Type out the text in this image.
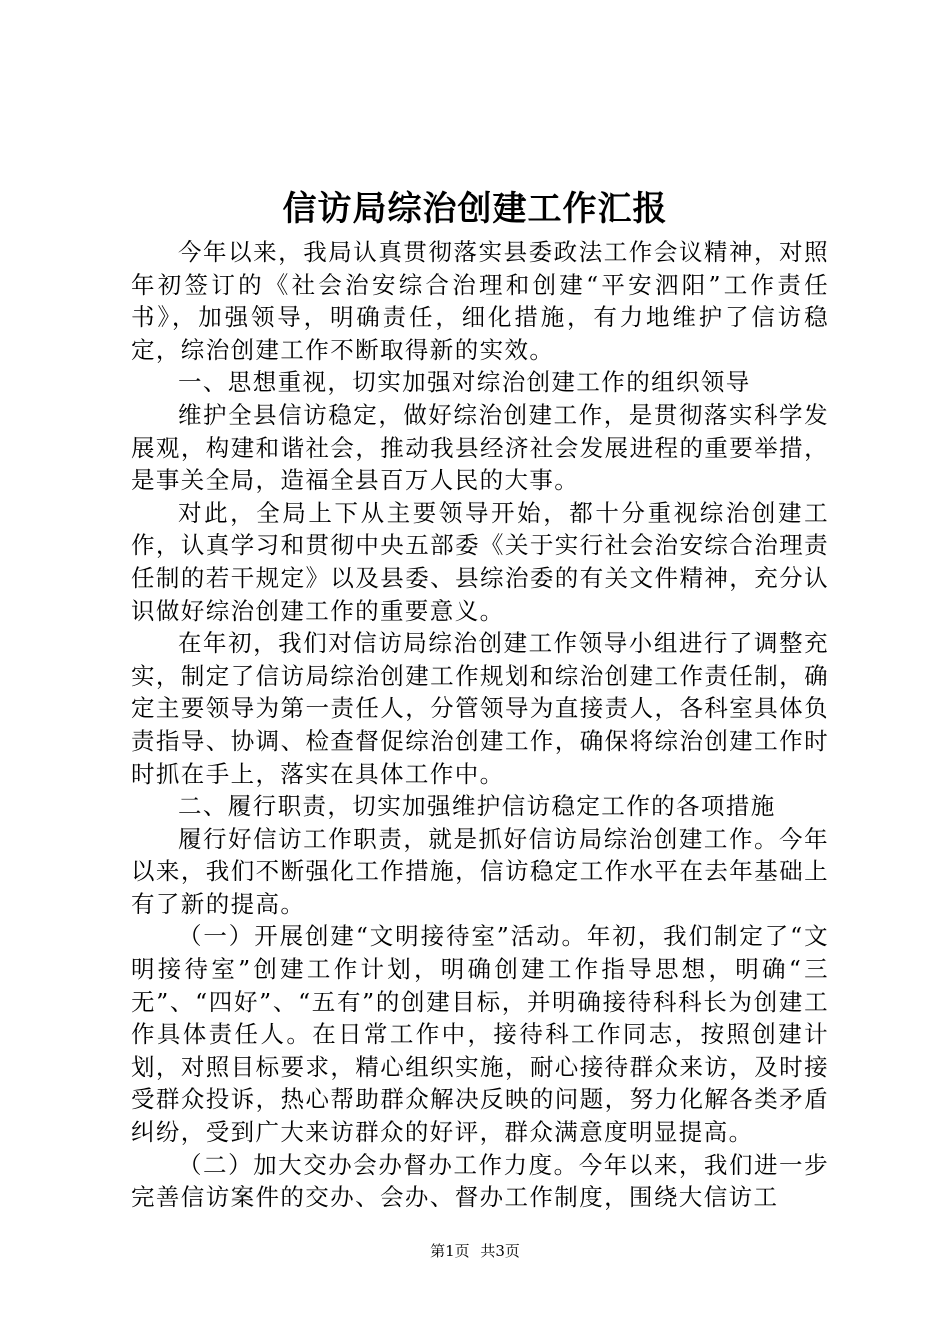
信访局综治创建工作汇报

今年以来，我局认真贯彻落实县委政法工作会议精神，对照年初签订的《社会治安综合治理和创建“平安泗阳”工作责任书》，加强领导，明确责任，细化措施，有力地维护了信访稳定，综治创建工作不断取得新的实效。

一、思想重视，切实加强对综治创建工作的组织领导

维护全县信访稳定，做好综治创建工作，是贯彻落实科学发展观，构建和谐社会，推动我县经济社会发展进程的重要举措，是事关全局，造福全县百万人民的大事。

对此，全局上下从主要领导开始，都十分重视综治创建工作，认真学习和贯彻中央五部委《关于实行社会治安综合治理责任制的若干规定》以及县委、县综治委的有关文件精神，充分认识做好综治创建工作的重要意义。

在年初，我们对信访局综治创建工作领导小组进行了调整充实，制定了信访局综治创建工作规划和综治创建工作责任制，确定主要领导为第一责任人，分管领导为直接责人，各科室具体负责指导、协调、检查督促综治创建工作，确保将综治创建工作时时抓在手上，落实在具体工作中。

二、履行职责，切实加强维护信访稳定工作的各项措施

履行好信访工作职责，就是抓好信访局综治创建工作。今年以来，我们不断强化工作措施，信访稳定工作水平在去年基础上有了新的提高。

（一）开展创建“文明接待室”活动。年初，我们制定了“文明接待室”创建工作计划，明确创建工作指导思想，明确“三无”、“四好”、“五有”的创建目标，并明确接待科科长为创建工作具体责任人。在日常工作中，接待科工作同志，按照创建计划，对照目标要求，精心组织实施，耐心接待群众来访，及时接受群众投诉，热心帮助群众解决反映的问题，努力化解各类矛盾纠纷，受到广大来访群众的好评，群众满意度明显提高。

（二）加大交办会办督办工作力度。今年以来，我们进一步完善信访案件的交办、会办、督办工作制度，围绕大信访工

第1页 共3页
